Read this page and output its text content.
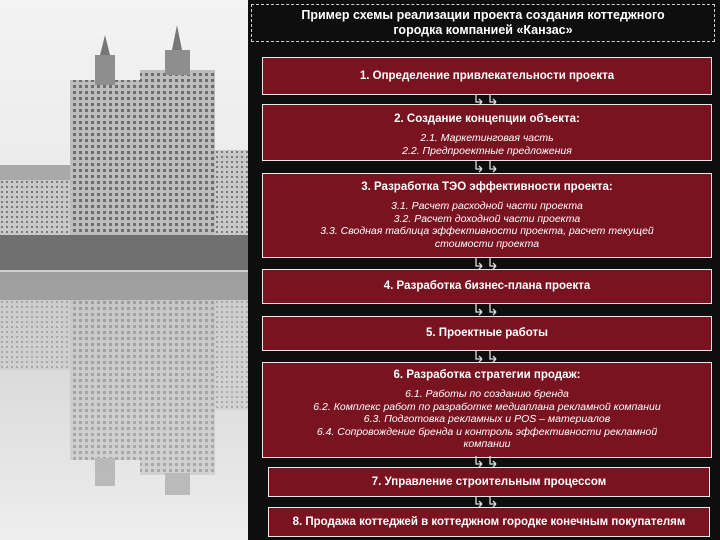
Пример схемы реализации проекта создания коттеджного городка компанией «Канзас»
1. Определение привлекательности проекта
2. Создание концепции объекта:
2.1. Маркетинговая часть
2.2. Предпроектные предложения
3. Разработка ТЭО эффективности проекта:
3.1. Расчет расходной части проекта
3.2. Расчет доходной части проекта
3.3. Сводная таблица эффективности проекта, расчет текущей стоимости проекта
4. Разработка бизнес-плана проекта
5. Проектные работы
6. Разработка стратегии продаж:
6.1. Работы по созданию бренда
6.2. Комплекс работ по разработке медиаплана рекламной компании
6.3. Подготовка рекламных и POS – материалов
6.4. Сопровождение бренда и контроль эффективности рекламной компании
7. Управление строительным процессом
8. Продажа коттеджей в коттеджном городке конечным покупателям
